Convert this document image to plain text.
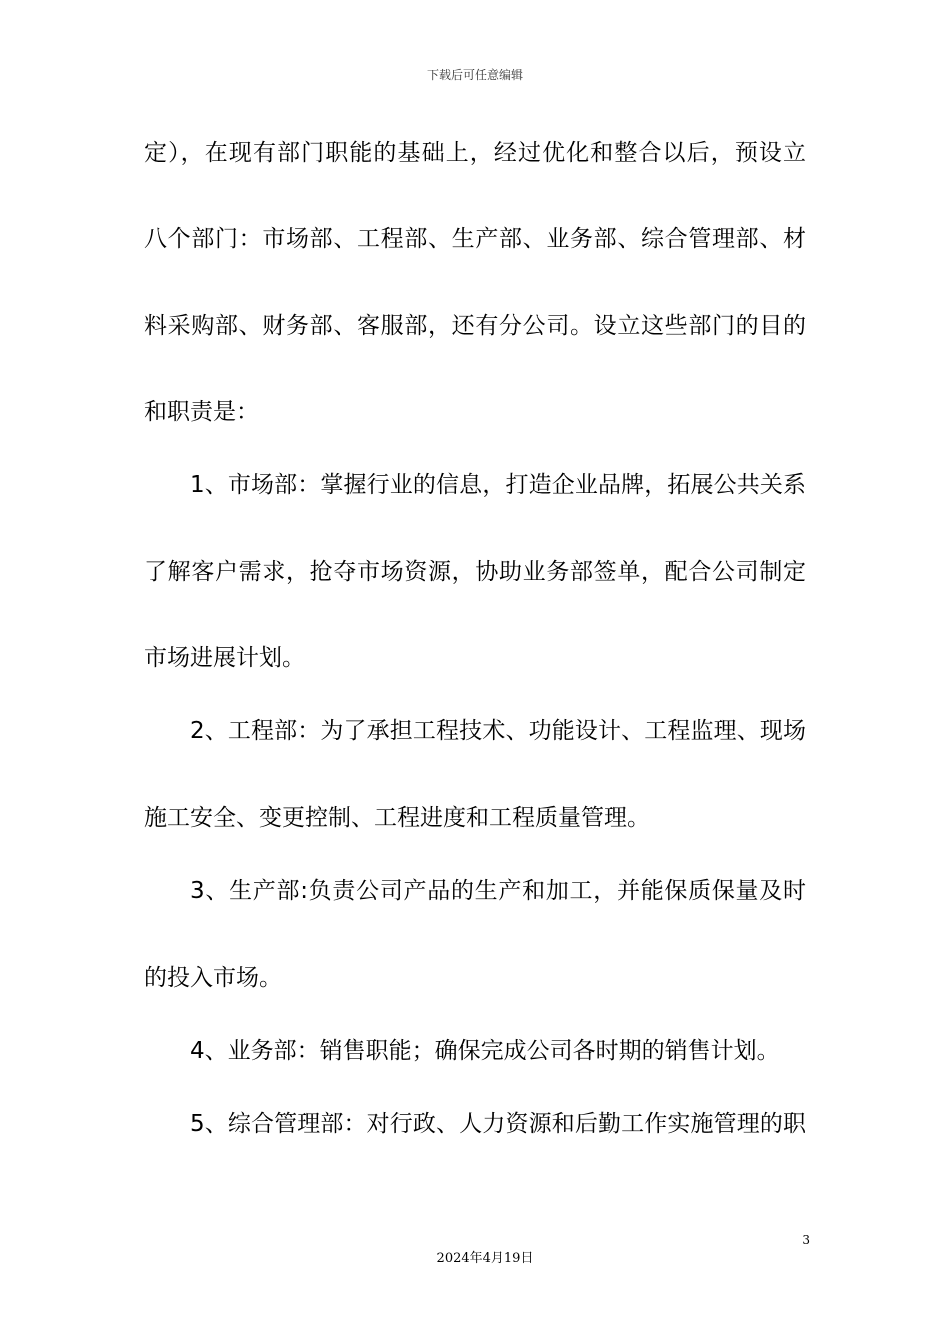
下载后可任意编辑
定），在现有部门职能的基础上，经过优化和整合以后，预设立
八个部门：市场部、工程部、生产部、业务部、综合管理部、材
料采购部、财务部、客服部，还有分公司。设立这些部门的目的
和职责是：
1、市场部：掌握行业的信息，打造企业品牌，拓展公共关系
了解客户需求，抢夺市场资源，协助业务部签单，配合公司制定
市场进展计划。
2、工程部：为了承担工程技术、功能设计、工程监理、现场
施工安全、变更控制、工程进度和工程质量管理。
3、生产部:负责公司产品的生产和加工，并能保质保量及时
的投入市场。
4、业务部：销售职能；确保完成公司各时期的销售计划。
5、综合管理部：对行政、人力资源和后勤工作实施管理的职
3
2024年4月19日
